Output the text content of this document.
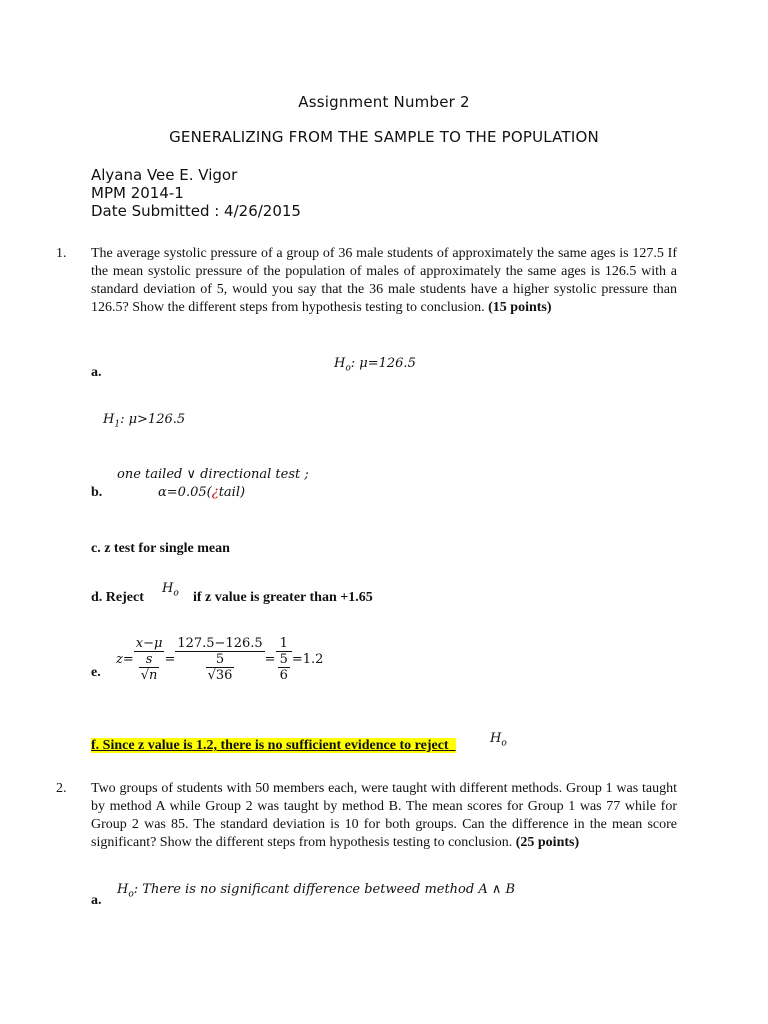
Assignment Number 2
GENERALIZING FROM THE SAMPLE TO THE POPULATION
Alyana Vee E. Vigor
MPM 2014-1
Date Submitted : 4/26/2015
1. The average systolic pressure of a group of 36 male students of approximately the same ages is 127.5 If the mean systolic pressure of the population of males of approximately the same ages is 126.5 with a standard deviation of 5, would you say that the 36 male students have a higher systolic pressure than 126.5? Show the different steps from hypothesis testing to conclusion. (15 points)
a.
$H_o$: μ=126.5
$H_1$: μ>126.5
one tailed ∨ directional test ;
b.	α=0.05(¿tail)
c. z test for single mean
d. Reject
$H_o$ if z value is greater than +1.65
e.
$z= \frac{x-\mu}{\frac{s}{√n}} = \frac{127.5-126.5}{\frac{5}{√36}} = \frac{1}{\frac{5}{6}} =1.2$
f. Since z value is 1.2, there is no sufficient evidence to reject	$H_o$
2. Two groups of students with 50 members each, were taught with different methods. Group 1 was taught by method A while Group 2 was taught by method B. The mean scores for Group 1 was 77 while for Group 2 was 85. The standard deviation is 10 for both groups. Can the difference in the mean score significant? Show the different steps from hypothesis testing to conclusion. (25 points)
$H_o$: There is no significant difference betweed method A ∧ B
a.
